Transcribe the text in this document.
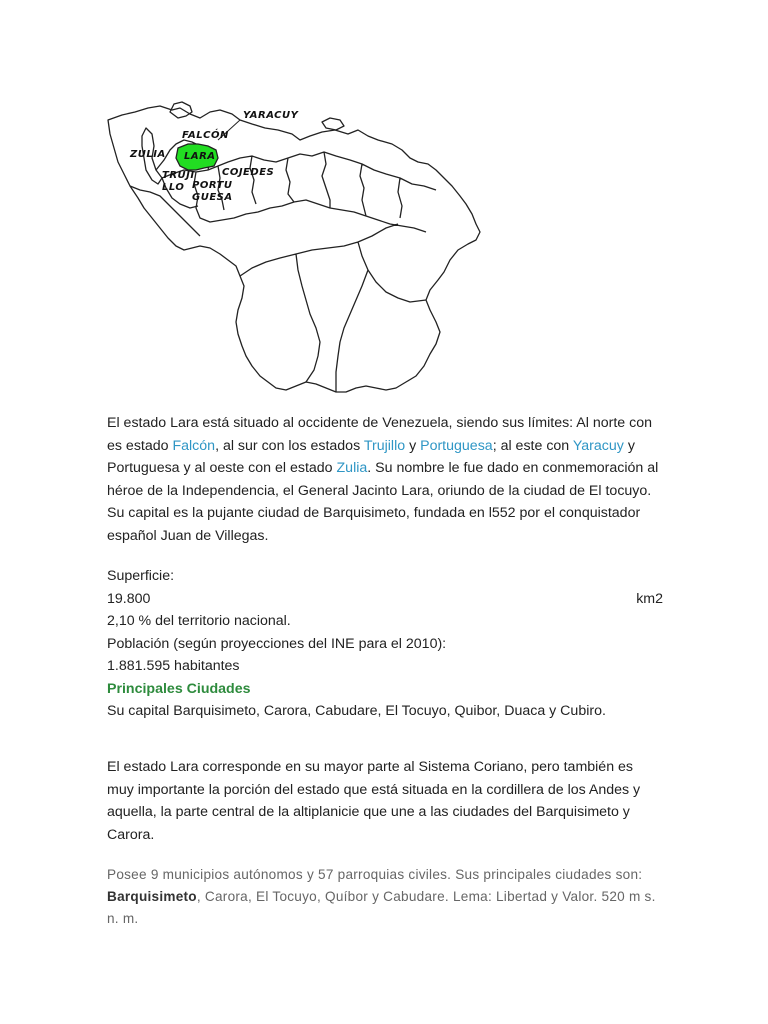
YARACUY
FALCÓN
ZULIA LARA
COJEDES
TRUJI
LLO PORTU
GUESA
El estado Lara está situado al occidente de Venezuela, siendo sus límites: Al norte con es estado Falcón, al sur con los estados Trujillo y Portuguesa; al este con Yaracuy y Portuguesa y al oeste con el estado Zulia. Su nombre le fue dado en conmemoración al héroe de la Independencia, el General Jacinto Lara, oriundo de la ciudad de El tocuyo. Su capital es la pujante ciudad de Barquisimeto, fundada en l552 por el conquistador español Juan de Villegas.
Superficie:
19.800	km2
2,10 % del territorio nacional.
Población (según proyecciones del INE para el 2010):
1.881.595 habitantes
Principales Ciudades
Su capital Barquisimeto, Carora, Cabudare, El Tocuyo, Quibor, Duaca y Cubiro.
El estado Lara corresponde en su mayor parte al Sistema Coriano, pero también es muy importante la porción del estado que está situada en la cordillera de los Andes y aquella, la parte central de la altiplanicie que une a las ciudades del Barquisimeto y Carora.
Posee 9 municipios autónomos y 57 parroquias civiles. Sus principales ciudades son: Barquisimeto, Carora, El Tocuyo, Quíbor y Cabudare. Lema: Libertad y Valor. 520 m s. n. m.
